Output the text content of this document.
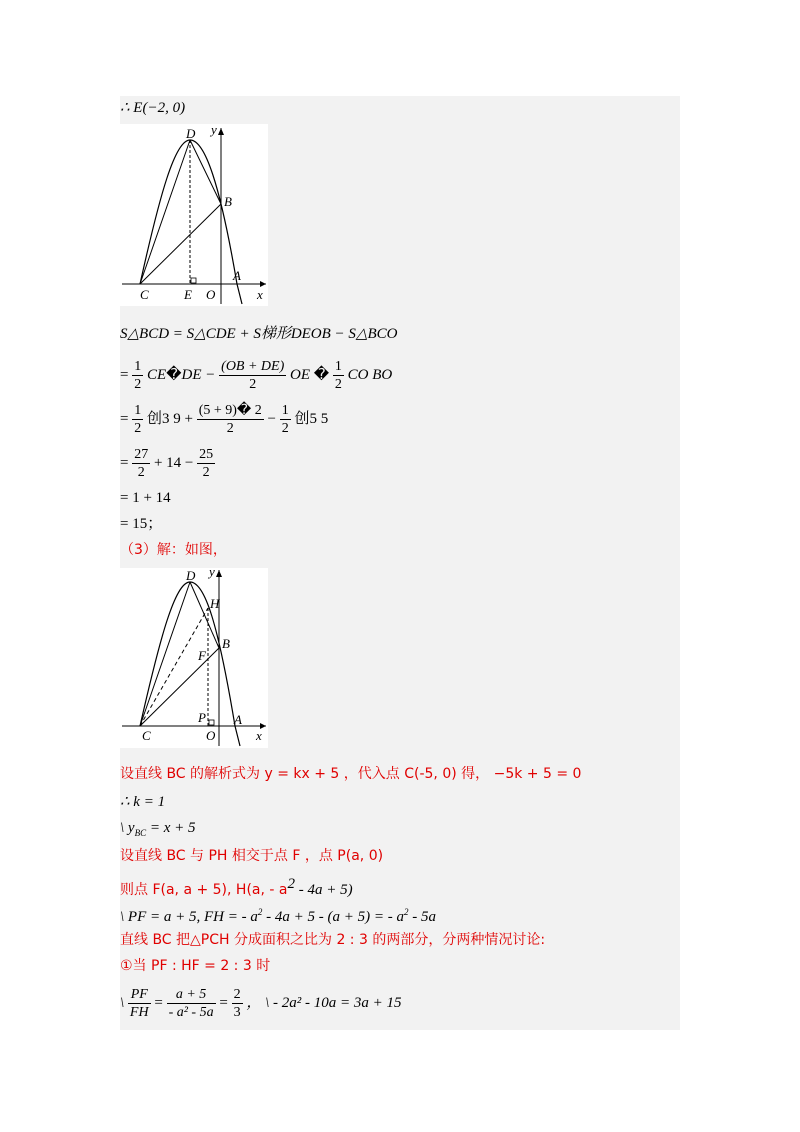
∴ E(−2, 0)
D y
B
C	E O
A
x
S△BCD = S△CDE + S梯形DEOB − S△BCO
= $\frac{1}{2}$ CE�DE − $\frac{(OB + DE)}{2}$ OE � $\frac{1}{2}$ CO BO
= $\frac{1}{2}$ 创3 $9 + \frac{(5 + 9)� 2}{2} - \frac{1}{2}$ 创5 5
= $\frac{27}{2} + 14 - \frac{25}{2}$
= 1 + 14
= 15；
（3）解：如图，
D y
H
B
F
C
P
O
A
x
设直线 BC 的解析式为 y = kx + 5 ，代入点 C(-5, 0) 得， −5k + 5 = 0
∴ k = 1
\ $y_{BC} = x + 5$
设直线 BC 与 PH 相交于点 F ，点 P(a, 0)
则点 F(a, a + 5), H(a, - $a^2 - 4a + 5$)
\ PF = a + 5, FH = - $a^2 - 4a + 5 - (a + 5)$ = - $a^2 - 5a$
直线 BC 把△PCH 分成面积之比为 2 : 3 的两部分，分两种情况讨论:
①当 PF : HF = 2 : 3 时
\ $\frac{PF}{FH} = \frac{a + 5}{\text{- a² - 5a}} = \frac{2}{3}$ ， \ - 2a² - 10a = 3a + 15
